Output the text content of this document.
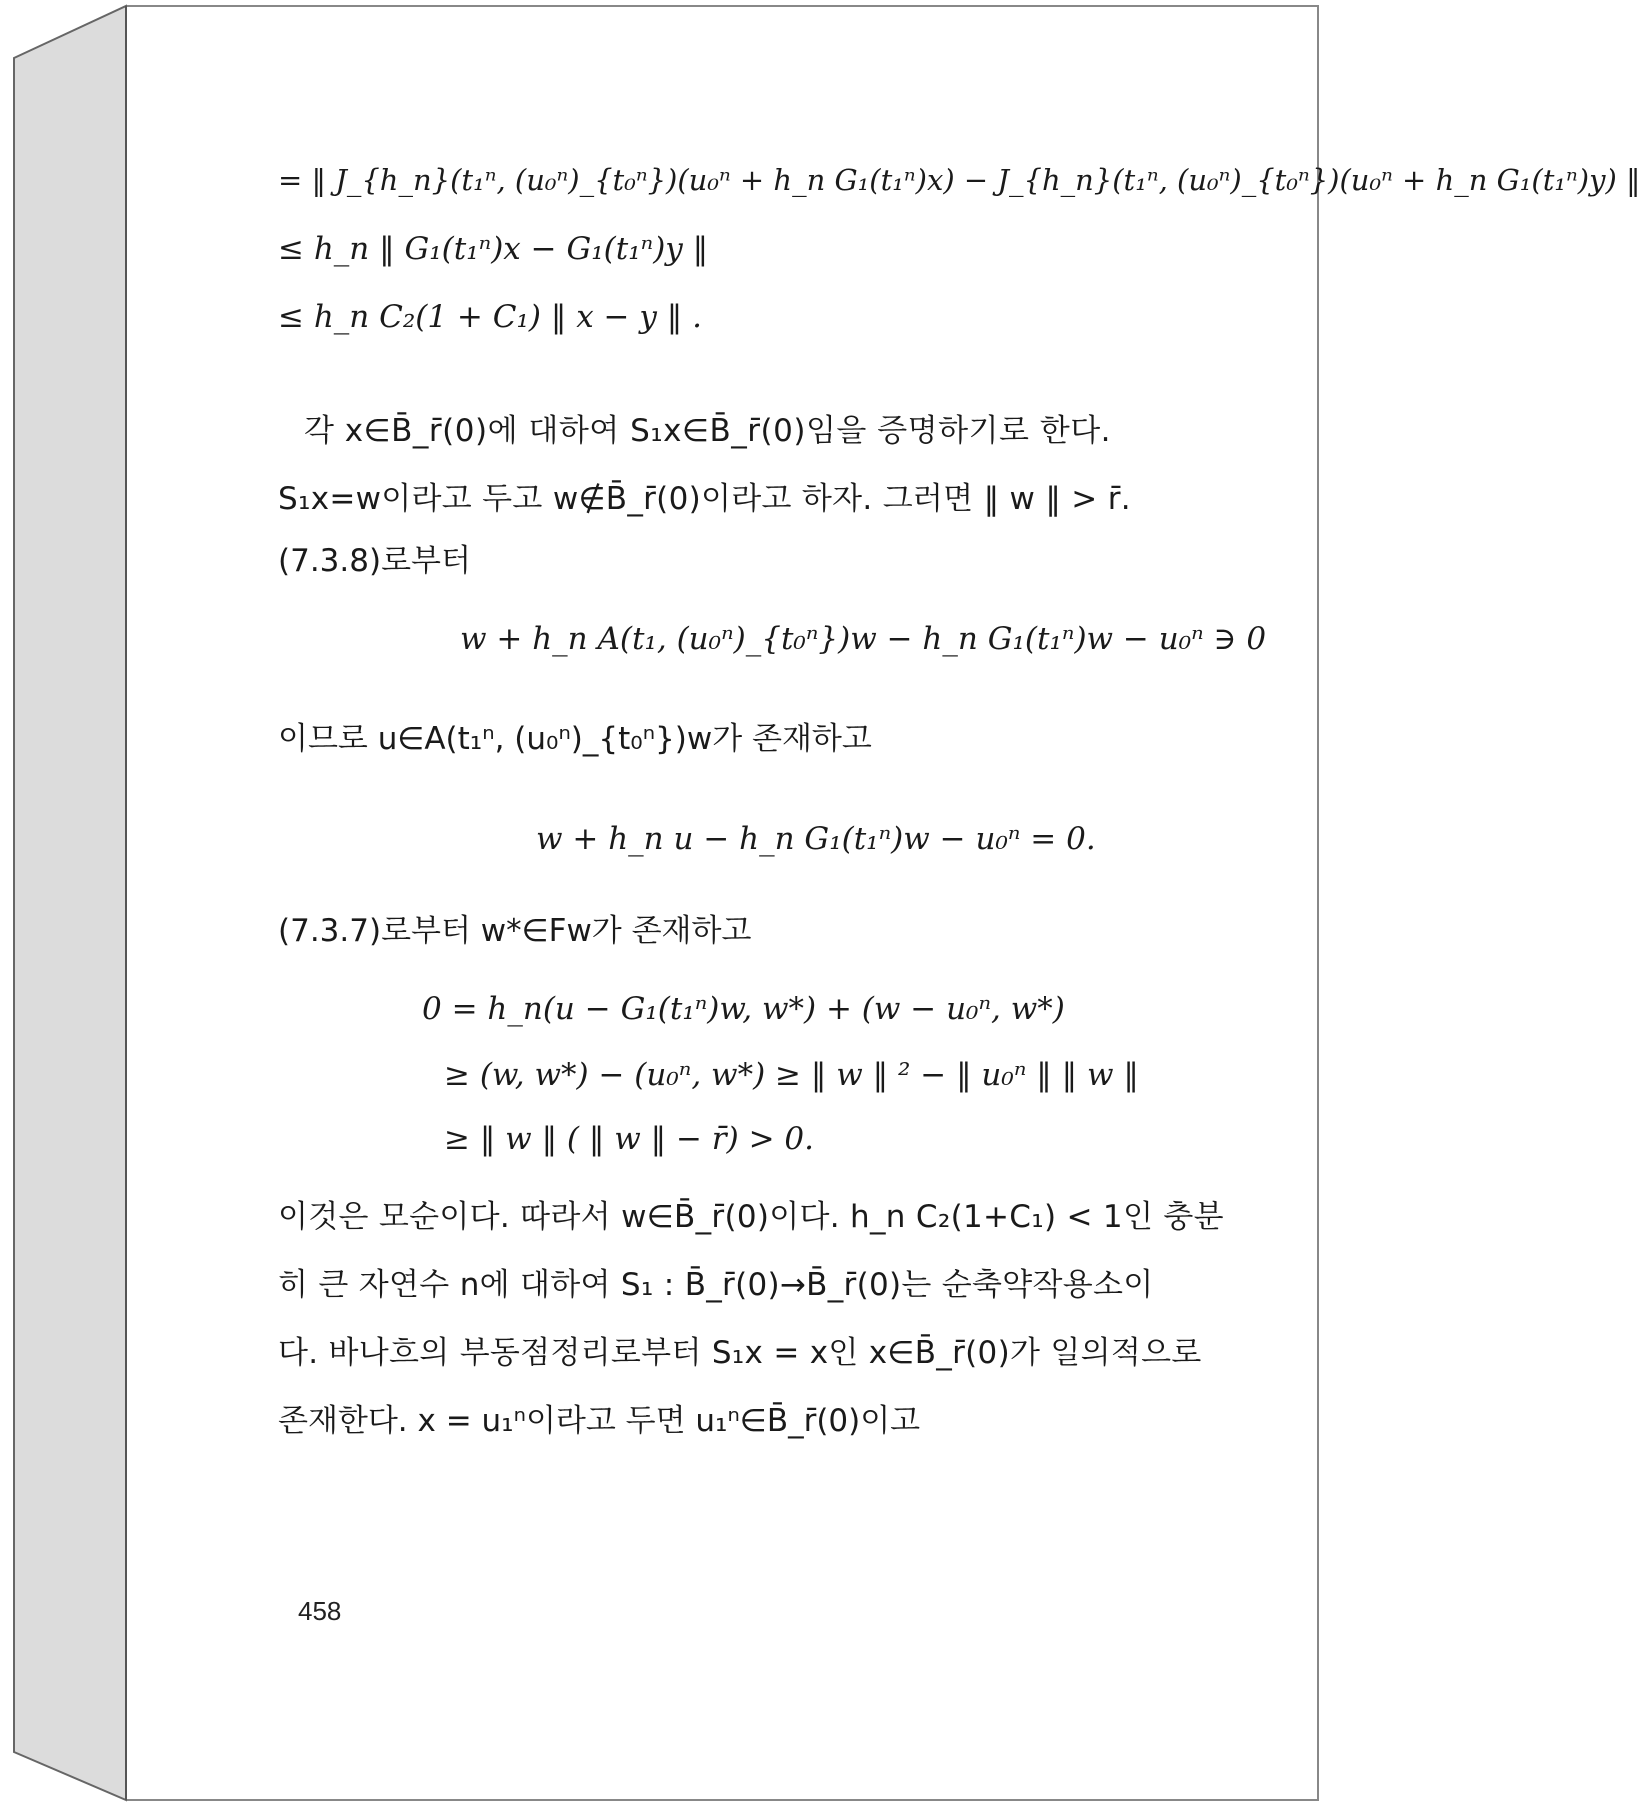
= ‖ J_{h_n}(t₁ⁿ, (u₀ⁿ)_{t₀ⁿ})(u₀ⁿ + h_n G₁(t₁ⁿ)x) − J_{h_n}(t₁ⁿ, (u₀ⁿ)_{t₀ⁿ})(u₀ⁿ + h_n G₁(t₁ⁿ)y) ‖
≤ h_n ‖ G₁(t₁ⁿ)x − G₁(t₁ⁿ)y ‖
≤ h_n C₂(1 + C₁) ‖ x − y ‖ .
각 x∈B̄_r̄(0)에 대하여 S₁x∈B̄_r̄(0)임을 증명하기로 한다.
S₁x=w이라고 두고 w∉B̄_r̄(0)이라고 하자. 그러면 ‖ w ‖ > r̄.
(7.3.8)로부터
w + h_n A(t₁, (u₀ⁿ)_{t₀ⁿ})w − h_n G₁(t₁ⁿ)w − u₀ⁿ ∋ 0
이므로 u∈A(t₁ⁿ, (u₀ⁿ)_{t₀ⁿ})w가 존재하고
w + h_n u − h_n G₁(t₁ⁿ)w − u₀ⁿ = 0.
(7.3.7)로부터 w*∈Fw가 존재하고
0 = h_n(u − G₁(t₁ⁿ)w, w*) + (w − u₀ⁿ, w*)
≥ (w, w*) − (u₀ⁿ, w*) ≥ ‖ w ‖ ² − ‖ u₀ⁿ ‖ ‖ w ‖
≥ ‖ w ‖ ( ‖ w ‖ − r̄) > 0.
이것은 모순이다. 따라서 w∈B̄_r̄(0)이다. h_n C₂(1+C₁) < 1인 충분
히 큰 자연수 n에 대하여 S₁ : B̄_r̄(0)→B̄_r̄(0)는 순축약작용소이
다. 바나흐의 부동점정리로부터 S₁x = x인 x∈B̄_r̄(0)가 일의적으로
존재한다. x = u₁ⁿ이라고 두면 u₁ⁿ∈B̄_r̄(0)이고
458
